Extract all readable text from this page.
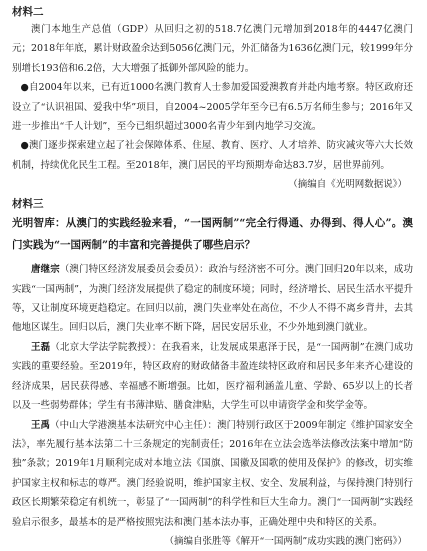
材料二

澳门本地生产总值（GDP）从回归之初的518.7亿澳门元增加到2018年的4447亿澳门元；2018年年底，累计财政盈余达到5056亿澳门元，外汇储备为1636亿澳门元，较1999年分别增长193倍和6.2倍，大大增强了抵御外部风险的能力。

●自2004年以来，已有近1000名澳门教育人士参加爱国爱澳教育并赴内地考察。特区政府还设立了“认识祖国、爱我中华”项目，自2004~2005学年至今已有6.5万名师生参与；2016年又进一步推出“千人计划”，至今已组织超过3000名青少年到内地学习交流。

●澳门逐步探索建立起了社会保障体系、住屋、教育、医疗、人才培养、防灾减灾等六大长效机制，持续优化民生工程。至2018年，澳门居民的平均预期寿命达83.7岁，居世界前列。

（摘编自《光明网数据说》）

材料三

光明智库：从澳门的实践经验来看，“一国两制”“完全行得通、办得到、得人心”。澳门实践为“一国两制”的丰富和完善提供了哪些启示？

唐继宗（澳门特区经济发展委员会委员）：政治与经济密不可分。澳门回归20年以来，成功实践“一国两制”，为澳门经济发展提供了稳定的制度环境；同时，经济增长、居民生活水平提升等，又让制度环境更趋稳定。在回归以前，澳门失业率处在高位，不少人不得不离乡背井，去其他地区谋生。回归以后，澳门失业率不断下降，居民安居乐业，不少外地到澳门就业。

王磊（北京大学法学院教授）：在我看来，让发展成果惠泽于民，是“一国两制”在澳门成功实践的重要经验。至2019年，特区政府的财政储备丰盈连续特区政府和居民多年来齐心建设的经济成果，居民获得感、幸福感不断增强。比如，医疗福利涵盖儿童、学龄、65岁以上的长者以及一些弱势群体；学生有书薄津贴、膳食津贴，大学生可以申请资学金和奖学金等。

王禹（中山大学港澳基本法研究中心主任）：澳门特别行政区于2009年制定《维护国家安全法》，率先履行基本法第二十三条规定的宪制责任；2016年在立法会选举法修改法案中增加“防独”条款；2019年1月顺利完成对本地立法《国旗、国徽及国歌的使用及保护》的修改，切实维护国家主权和标志的尊严。澳门经验说明，维护国家主权、安全、发展利益，与保持澳门特别行政区长期繁荣稳定有机统一，彰显了“一国两制”的科学性和巨大生命力。澳门“一国两制”实践经验启示很多，最基本的是严格按照宪法和澳门基本法办事，正确处理中央和特区的关系。

（摘编自张胜等《解开“一国两制”成功实践的澳门密码》）
